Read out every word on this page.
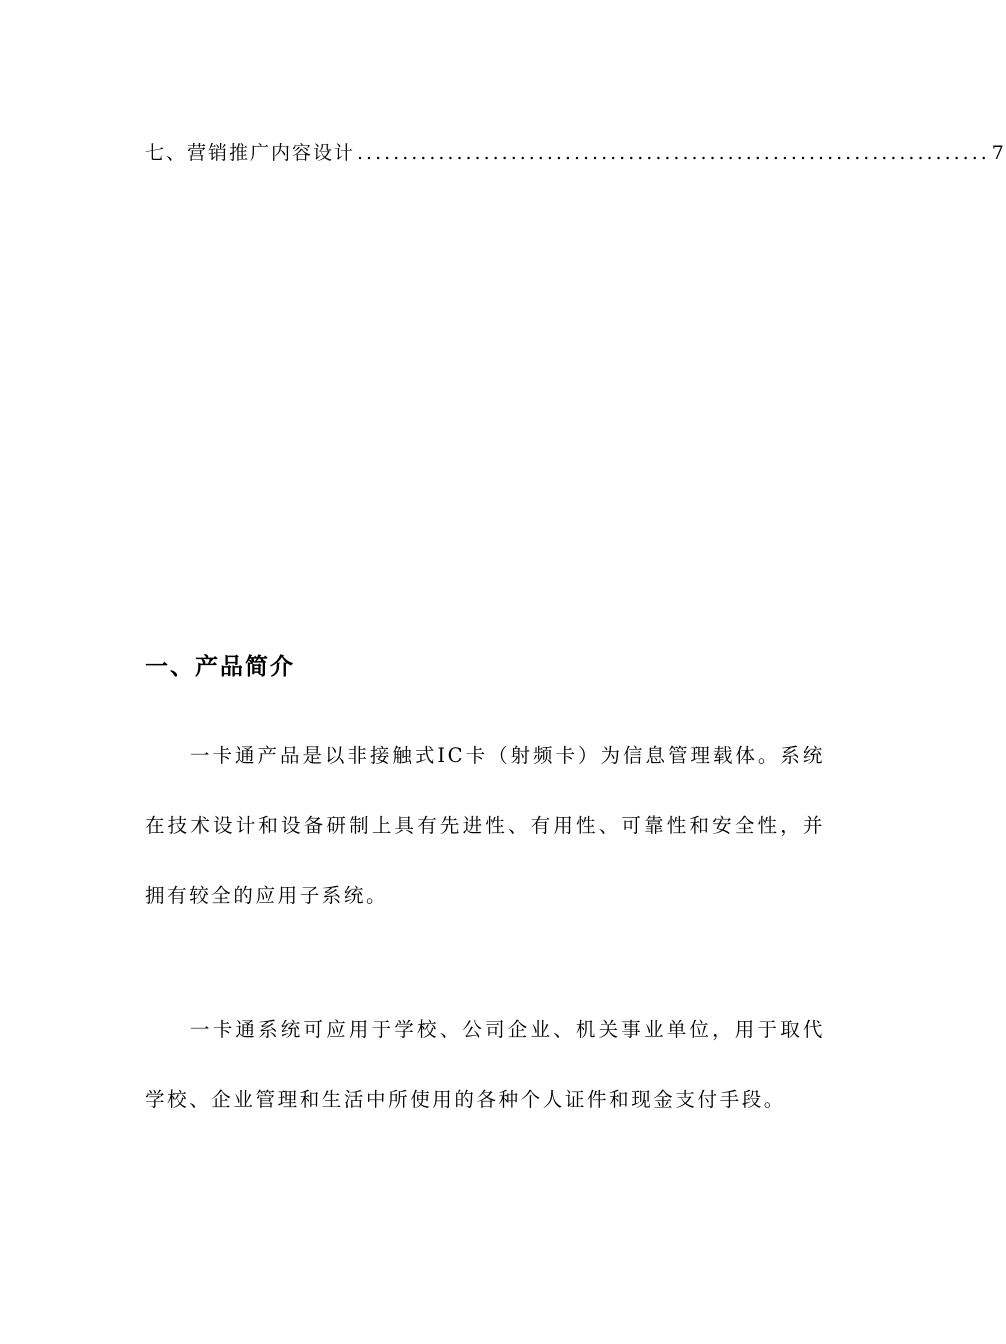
七、营销推广内容设计 ...................................................................... 7
一、产品简介

一卡通产品是以非接触式IC卡（射频卡）为信息管理载体。系统在技术设计和设备研制上具有先进性、有用性、可靠性和安全性，并拥有较全的应用子系统。

一卡通系统可应用于学校、公司企业、机关事业单位，用于取代学校、企业管理和生活中所使用的各种个人证件和现金支付手段。
